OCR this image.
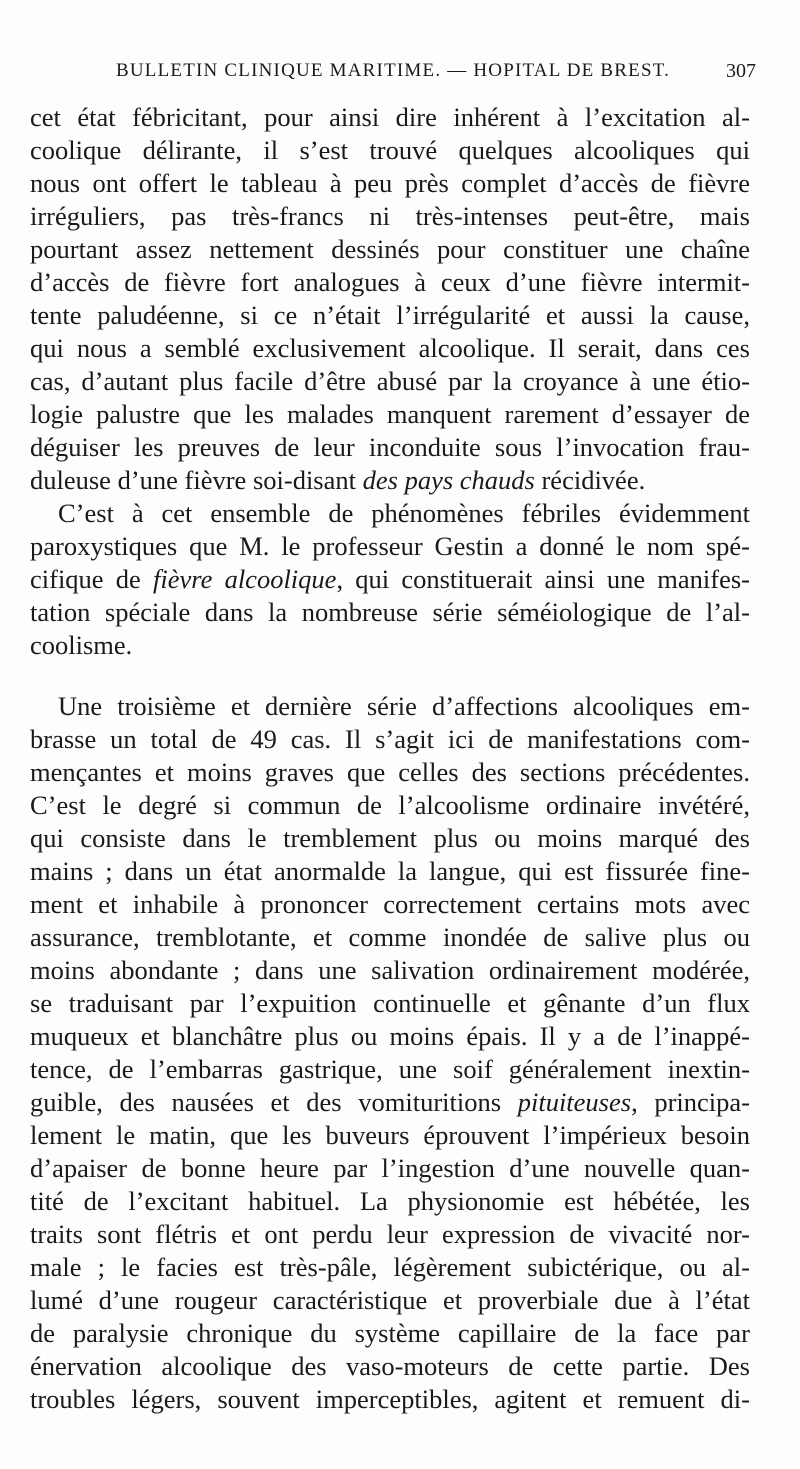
BULLETIN CLINIQUE MARITIME. — HOPITAL DE BREST.	307
cet état fébricitant, pour ainsi dire inhérent à l’excitation al-
coolique délirante, il s’est trouvé quelques alcooliques qui
nous ont offert le tableau à peu près complet d’accès de fièvre
irréguliers, pas très-francs ni très-intenses peut-être, mais
pourtant assez nettement dessinés pour constituer une chaîne
d’accès de fièvre fort analogues à ceux d’une fièvre intermit-
tente paludéenne, si ce n’était l’irrégularité et aussi la cause,
qui nous a semblé exclusivement alcoolique. Il serait, dans ces
cas, d’autant plus facile d’être abusé par la croyance à une étio-
logie palustre que les malades manquent rarement d’essayer de
déguiser les preuves de leur inconduite sous l’invocation frau-
duleuse d’une fièvre soi-disant des pays chauds récidivée.
C’est à cet ensemble de phénomènes fébriles évidemment
paroxystiques que M. le professeur Gestin a donné le nom spé-
cifique de fièvre alcoolique, qui constituerait ainsi une manifes-
tation spéciale dans la nombreuse série séméiologique de l’al-
coolisme.
Une troisième et dernière série d’affections alcooliques em-
brasse un total de 49 cas. Il s’agit ici de manifestations com-
mençantes et moins graves que celles des sections précédentes.
C’est le degré si commun de l’alcoolisme ordinaire invétéré,
qui consiste dans le tremblement plus ou moins marqué des
mains ; dans un état anormalde la langue, qui est fissurée fine-
ment et inhabile à prononcer correctement certains mots avec
assurance, tremblotante, et comme inondée de salive plus ou
moins abondante ; dans une salivation ordinairement modérée,
se traduisant par l’expuition continuelle et gênante d’un flux
muqueux et blanchâtre plus ou moins épais. Il y a de l’inappé-
tence, de l’embarras gastrique, une soif généralement inextin-
guible, des nausées et des vomituritions pituiteuses, principa-
lement le matin, que les buveurs éprouvent l’impérieux besoin
d’apaiser de bonne heure par l’ingestion d’une nouvelle quan-
tité de l’excitant habituel. La physionomie est hébétée, les
traits sont flétris et ont perdu leur expression de vivacité nor-
male ; le facies est très-pâle, légèrement subictérique, ou al-
lumé d’une rougeur caractéristique et proverbiale due à l’état
de paralysie chronique du système capillaire de la face par
énervation alcoolique des vaso-moteurs de cette partie. Des
troubles légers, souvent imperceptibles, agitent et remuent di-
